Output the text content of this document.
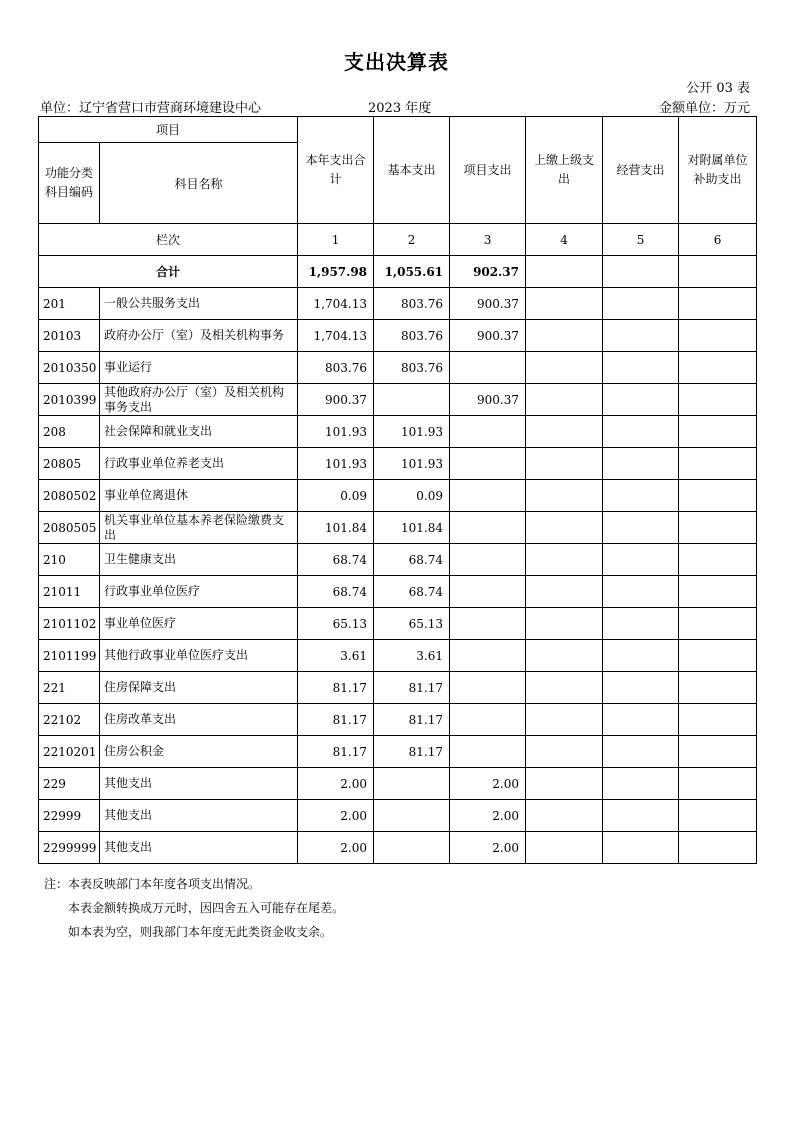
支出决算表
公开 03 表
单位：辽宁省营口市营商环境建设中心	2023 年度	金额单位：万元
项目		本年支出合计	基本支出	项目支出	上缴上级支出	经营支出	对附属单位补助支出
功能分类科目编码	科目名称						
栏次		1	2	3	4	5	6
合计		1,957.98	1,055.61	902.37			
201	一般公共服务支出	1,704.13	803.76	900.37			
20103	政府办公厅（室）及相关机构事务	1,704.13	803.76	900.37			
2010350	事业运行	803.76	803.76				
2010399	其他政府办公厅（室）及相关机构事务支出	900.37		900.37			
208	社会保障和就业支出	101.93	101.93				
20805	行政事业单位养老支出	101.93	101.93				
2080502	事业单位离退休	0.09	0.09				
2080505	机关事业单位基本养老保险缴费支出	101.84	101.84				
210	卫生健康支出	68.74	68.74				
21011	行政事业单位医疗	68.74	68.74				
2101102	事业单位医疗	65.13	65.13				
2101199	其他行政事业单位医疗支出	3.61	3.61				
221	住房保障支出	81.17	81.17				
22102	住房改革支出	81.17	81.17				
2210201	住房公积金	81.17	81.17				
229	其他支出	2.00		2.00			
22999	其他支出	2.00		2.00			
2299999	其他支出	2.00		2.00			
注：本表反映部门本年度各项支出情况。
本表金额转换成万元时，因四舍五入可能存在尾差。
如本表为空，则我部门本年度无此类资金收支余。
